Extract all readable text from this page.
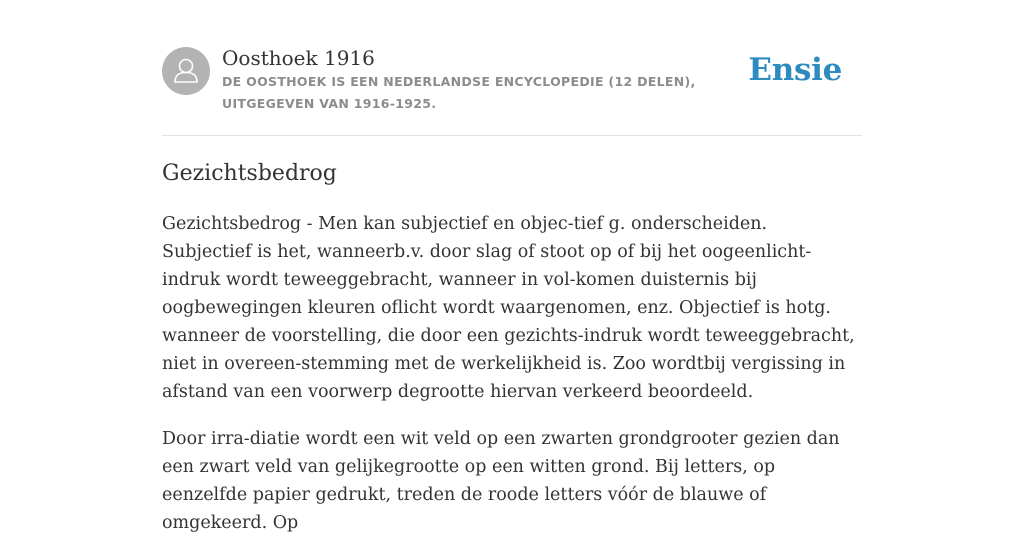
Oosthoek 1916
DE OOSTHOEK IS EEN NEDERLANDSE ENCYCLOPEDIE (12 DELEN), UITGEGEVEN VAN 1916-1925.
Ensie
Gezichtsbedrog

Gezichtsbedrog - Men kan subjectief en objec-tief g. onderscheiden. Subjectief is het, wanneerb.v. door slag of stoot op of bij het oogeenlicht-indruk wordt teweeggebracht, wanneer in vol-komen duisternis bij oogbewegingen kleuren oflicht wordt waargenomen, enz. Objectief is hotg. wanneer de voorstelling, die door een gezichts-indruk wordt teweeggebracht, niet in overeen-stemming met de werkelijkheid is. Zoo wordtbij vergissing in afstand van een voorwerp degrootte hiervan verkeerd beoordeeld.

Door irra-diatie wordt een wit veld op een zwarten grondgrooter gezien dan een zwart veld van gelijkegrootte op een witten grond. Bij letters, op eenzelfde papier gedrukt, treden de roode letters vóór de blauwe of omgekeerd. Op
